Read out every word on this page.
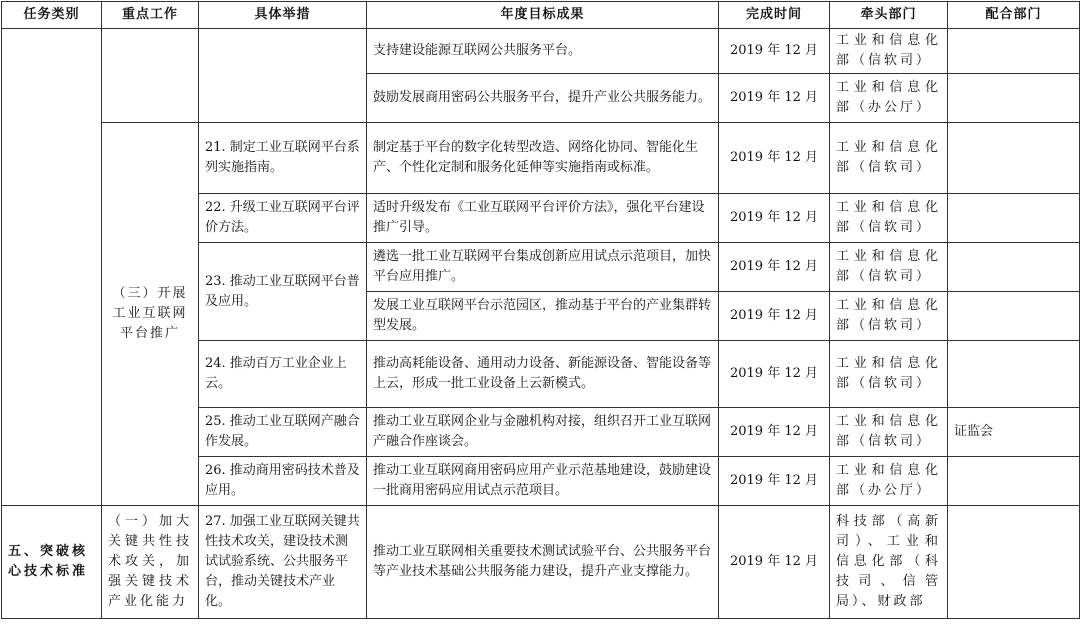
任务类别	重点工作	具体举措	年度目标成果	完成时间	牵头部门	配合部门
			支持建设能源互联网公共服务平台。	2019 年 12 月	工业和信息化部（信软司）	
			鼓励发展商用密码公共服务平台，提升产业公共服务能力。	2019 年 12 月	工业和信息化部（办公厅）	
	（三）开展工业互联网平台推广	21. 制定工业互联网平台系列实施指南。	制定基于平台的数字化转型改造、网络化协同、智能化生产、个性化定制和服务化延伸等实施指南或标准。	2019 年 12 月	工业和信息化部（信软司）	
		22. 升级工业互联网平台评价方法。	适时升级发布《工业互联网平台评价方法》，强化平台建设推广引导。	2019 年 12 月	工业和信息化部（信软司）	
		23. 推动工业互联网平台普及应用。	遴选一批工业互联网平台集成创新应用试点示范项目，加快平台应用推广。	2019 年 12 月	工业和信息化部（信软司）	
			发展工业互联网平台示范园区，推动基于平台的产业集群转型发展。	2019 年 12 月	工业和信息化部（信软司）	
		24. 推动百万工业企业上云。	推动高耗能设备、通用动力设备、新能源设备、智能设备等上云，形成一批工业设备上云新模式。	2019 年 12 月	工业和信息化部（信软司）	
		25. 推动工业互联网产融合作发展。	推动工业互联网企业与金融机构对接，组织召开工业互联网产融合作座谈会。	2019 年 12 月	工业和信息化部（信软司）	证监会
		26. 推动商用密码技术普及应用。	推动工业互联网商用密码应用产业示范基地建设，鼓励建设一批商用密码应用试点示范项目。	2019 年 12 月	工业和信息化部（办公厅）	
五、突破核心技术标准	（一）加大关键共性技术攻关，加强关键技术产业化能力	27. 加强工业互联网关键共性技术攻关，建设技术测试试验系统、公共服务平台，推动关键技术产业化。	推动工业互联网相关重要技术测试试验平台、公共服务平台等产业技术基础公共服务能力建设，提升产业支撑能力。	2019 年 12 月	科技部（高新司）、工业和信息化部（科技司、信管局）、财政部	
